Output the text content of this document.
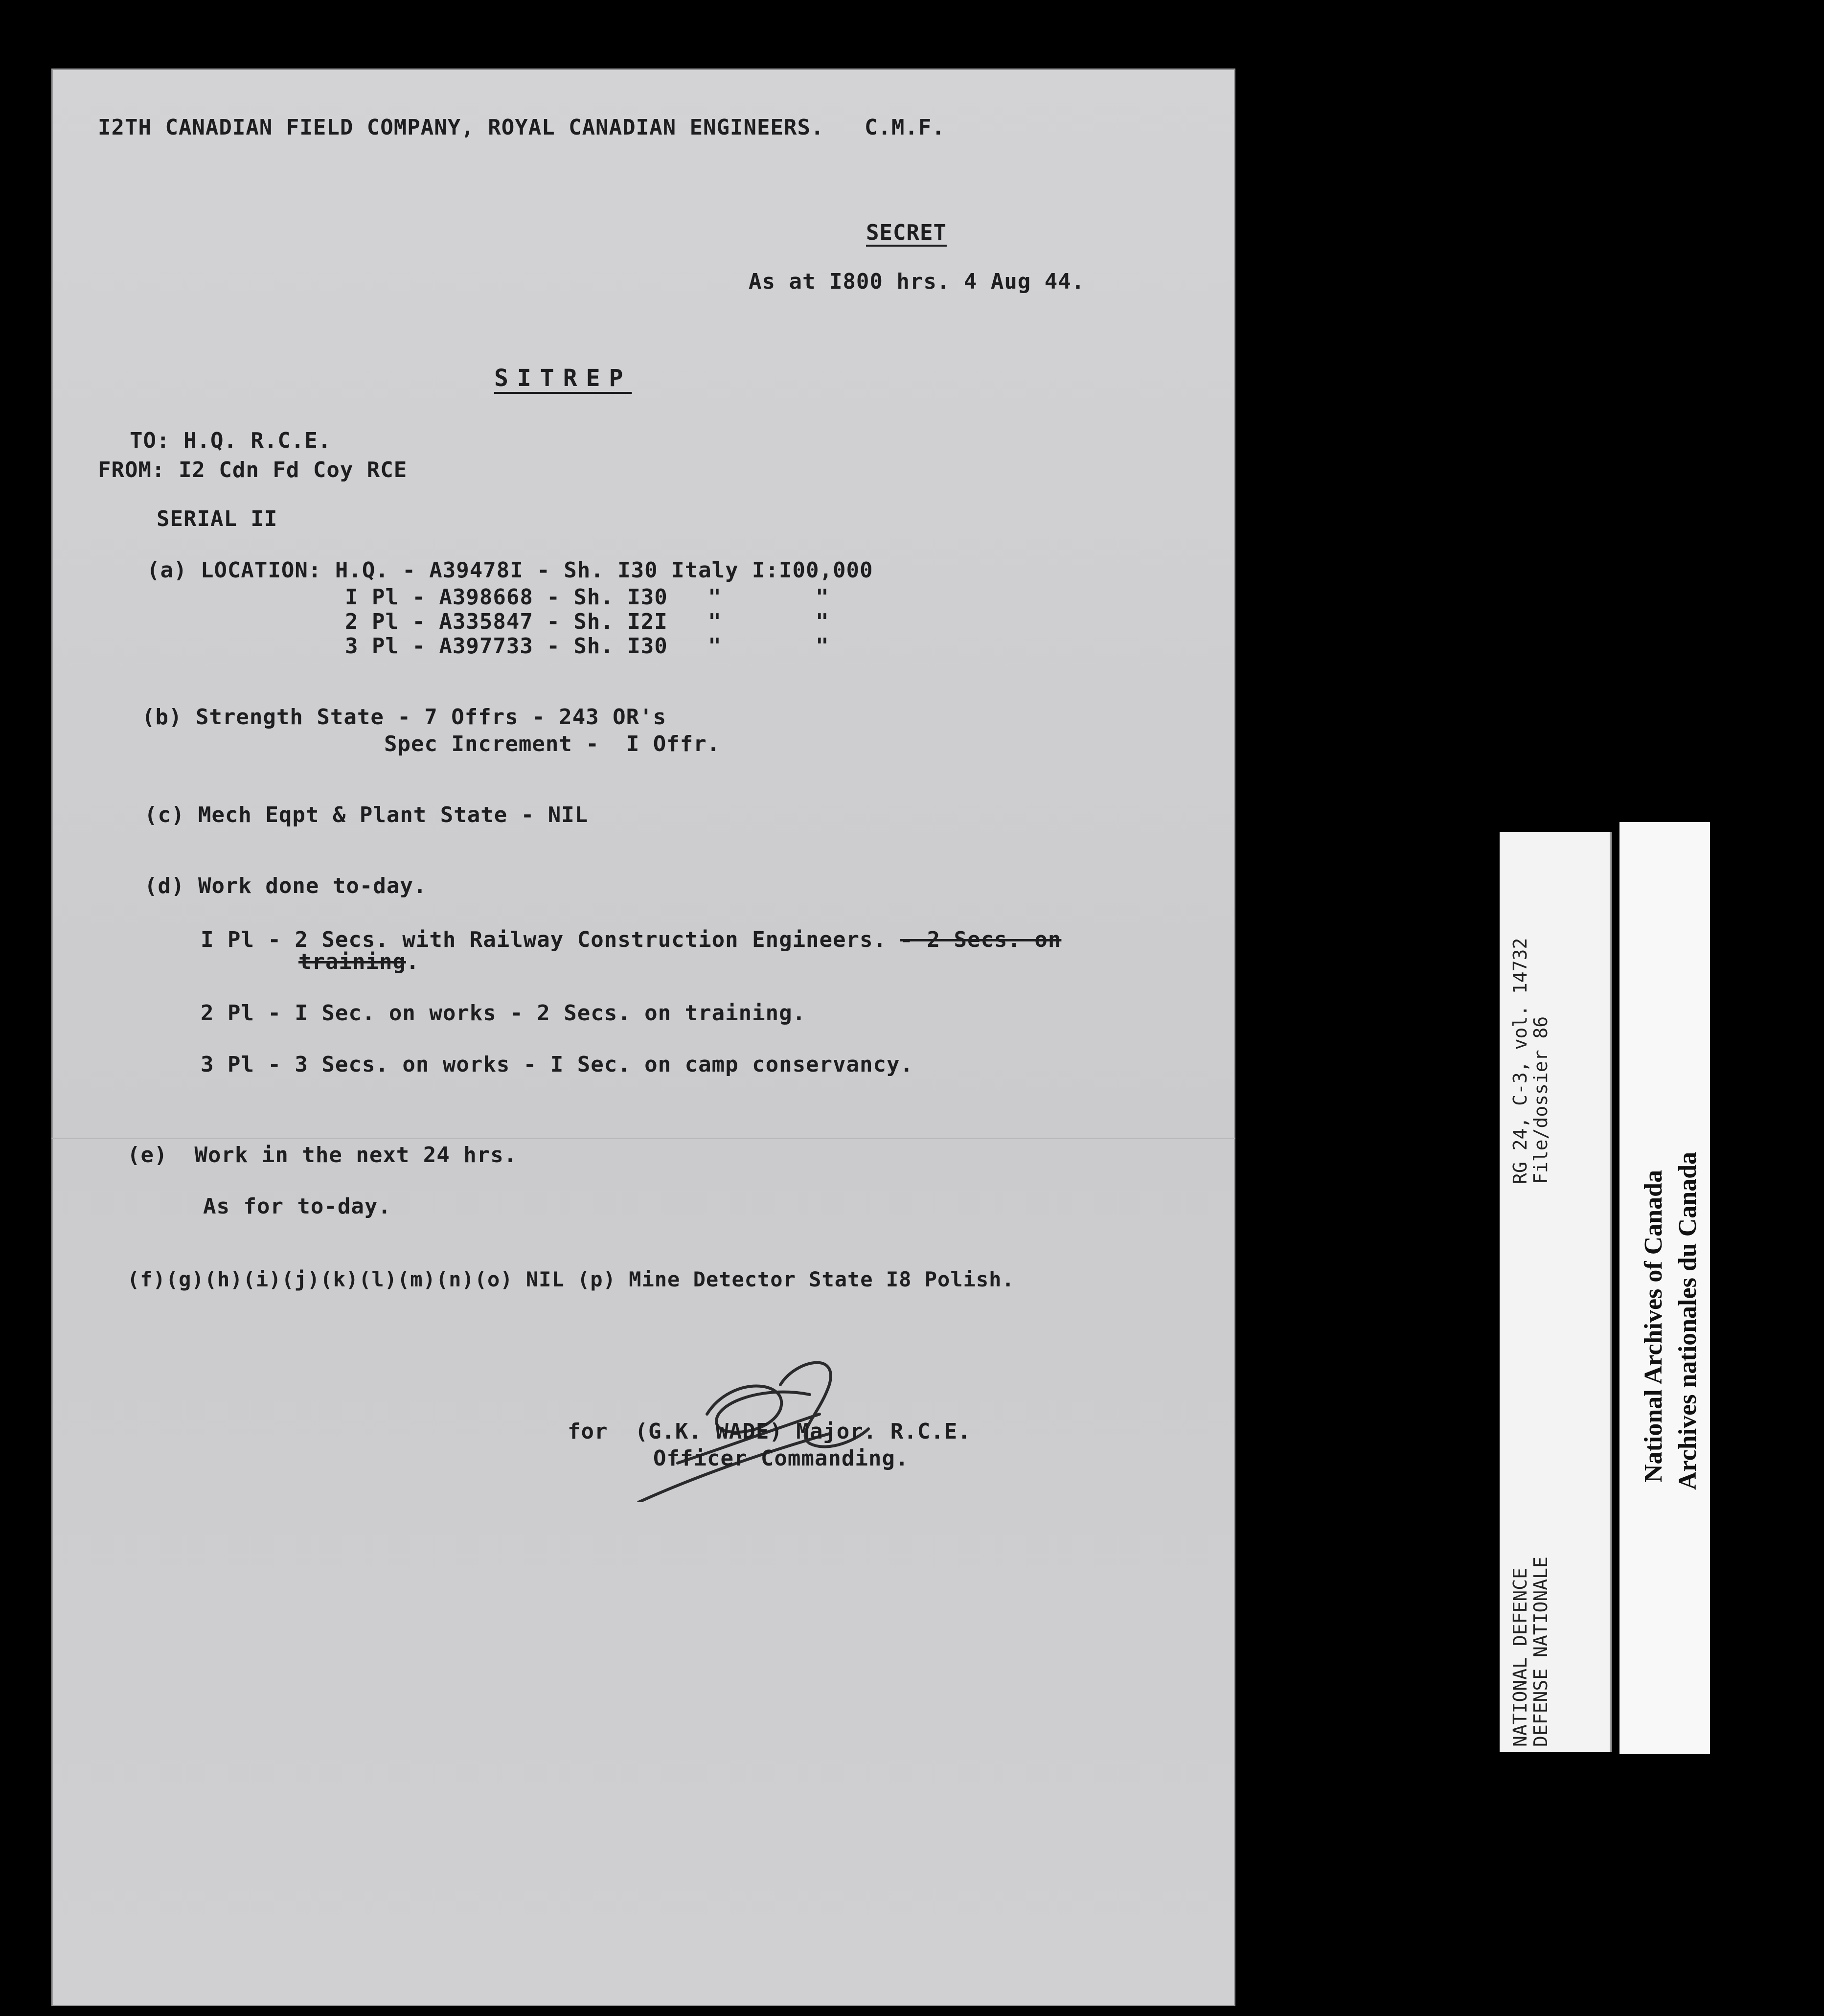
I2TH CANADIAN FIELD COMPANY, ROYAL CANADIAN ENGINEERS.   C.M.F.
SECRET
As at I800 hrs. 4 Aug 44.
SITREP
TO: H.Q. R.C.E.
FROM: I2 Cdn Fd Coy RCE
SERIAL II
(a) LOCATION: H.Q. - A39478I - Sh. I30 Italy I:I00,000
I Pl - A398668 - Sh. I30   "       "
2 Pl - A335847 - Sh. I2I   "       "
3 Pl - A397733 - Sh. I30   "       "
(b) Strength State - 7 Offrs - 243 OR's
Spec Increment -  I Offr.
(c) Mech Eqpt & Plant State - NIL
(d) Work done to-day.
I Pl - 2 Secs. with Railway Construction Engineers. - 2 Secs. on
training.
2 Pl - I Sec. on works - 2 Secs. on training.
3 Pl - 3 Secs. on works - I Sec. on camp conservancy.
(e)  Work in the next 24 hrs.
As for to-day.
(f)(g)(h)(i)(j)(k)(l)(m)(n)(o) NIL (p) Mine Detector State I8 Polish.
for  (G.K. WADE) Major. R.C.E.
Officer Commanding.
RG 24, C-3, vol. 14732
File/dossier 86
NATIONAL DEFENCE
DEFENSE NATIONALE
National Archives of Canada Archives nationales du Canada
